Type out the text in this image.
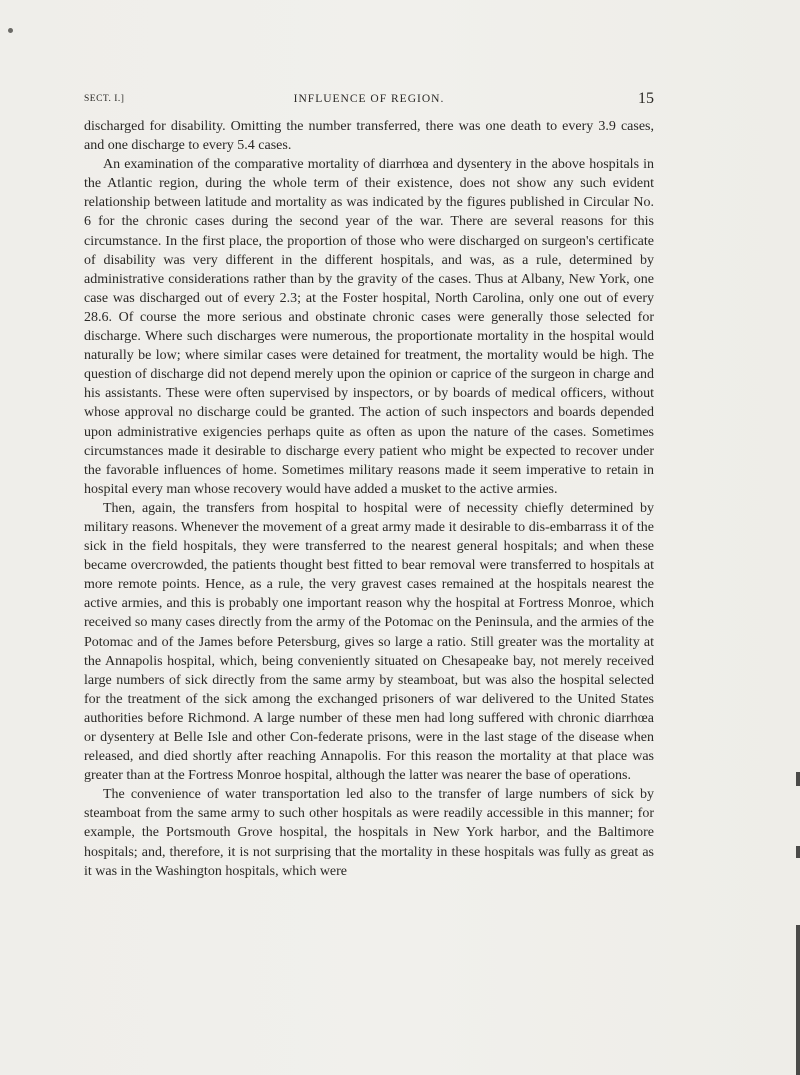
SECT. I.]	INFLUENCE OF REGION.	15

discharged for disability. Omitting the number transferred, there was one death to every 3.9 cases, and one discharge to every 5.4 cases.

An examination of the comparative mortality of diarrhœa and dysentery in the above hospitals in the Atlantic region, during the whole term of their existence, does not show any such evident relationship between latitude and mortality as was indicated by the figures published in Circular No. 6 for the chronic cases during the second year of the war. There are several reasons for this circumstance. In the first place, the proportion of those who were discharged on surgeon's certificate of disability was very different in the different hospitals, and was, as a rule, determined by administrative considerations rather than by the gravity of the cases. Thus at Albany, New York, one case was discharged out of every 2.3; at the Foster hospital, North Carolina, only one out of every 28.6. Of course the more serious and obstinate chronic cases were generally those selected for discharge. Where such discharges were numerous, the proportionate mortality in the hospital would naturally be low; where similar cases were detained for treatment, the mortality would be high. The question of discharge did not depend merely upon the opinion or caprice of the surgeon in charge and his assistants. These were often supervised by inspectors, or by boards of medical officers, without whose approval no discharge could be granted. The action of such inspectors and boards depended upon administrative exigencies perhaps quite as often as upon the nature of the cases. Sometimes circumstances made it desirable to discharge every patient who might be expected to recover under the favorable influences of home. Sometimes military reasons made it seem imperative to retain in hospital every man whose recovery would have added a musket to the active armies.

Then, again, the transfers from hospital to hospital were of necessity chiefly determined by military reasons. Whenever the movement of a great army made it desirable to dis-embarrass it of the sick in the field hospitals, they were transferred to the nearest general hospitals; and when these became overcrowded, the patients thought best fitted to bear removal were transferred to hospitals at more remote points. Hence, as a rule, the very gravest cases remained at the hospitals nearest the active armies, and this is probably one important reason why the hospital at Fortress Monroe, which received so many cases directly from the army of the Potomac on the Peninsula, and the armies of the Potomac and of the James before Petersburg, gives so large a ratio. Still greater was the mortality at the Annapolis hospital, which, being conveniently situated on Chesapeake bay, not merely received large numbers of sick directly from the same army by steamboat, but was also the hospital selected for the treatment of the sick among the exchanged prisoners of war delivered to the United States authorities before Richmond. A large number of these men had long suffered with chronic diarrhœa or dysentery at Belle Isle and other Con-federate prisons, were in the last stage of the disease when released, and died shortly after reaching Annapolis. For this reason the mortality at that place was greater than at the Fortress Monroe hospital, although the latter was nearer the base of operations.

The convenience of water transportation led also to the transfer of large numbers of sick by steamboat from the same army to such other hospitals as were readily accessible in this manner; for example, the Portsmouth Grove hospital, the hospitals in New York harbor, and the Baltimore hospitals; and, therefore, it is not surprising that the mortality in these hospitals was fully as great as it was in the Washington hospitals, which were
